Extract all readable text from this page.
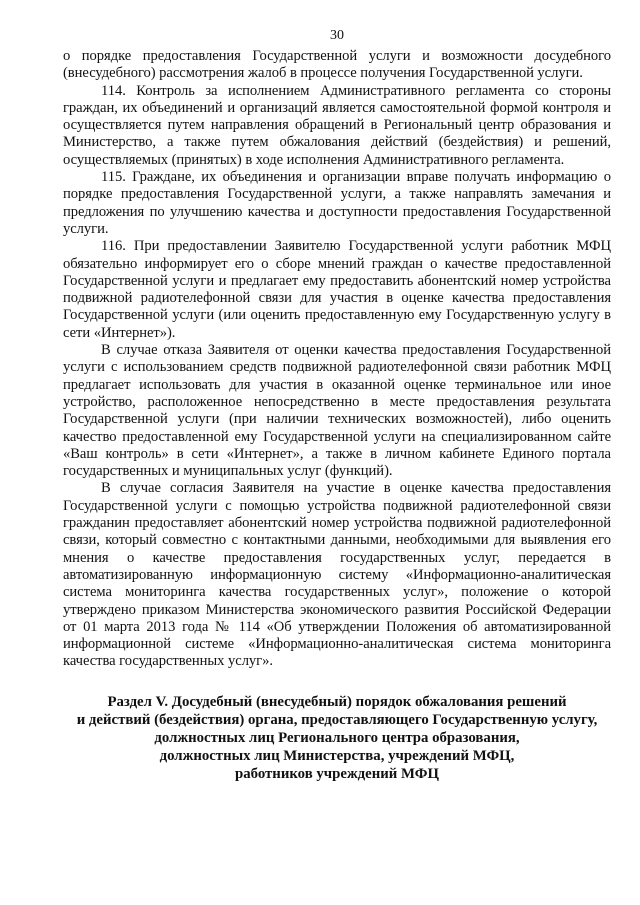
30

о порядке предоставления Государственной услуги и возможности досудебного (внесудебного) рассмотрения жалоб в процессе получения Государственной услуги.

114. Контроль за исполнением Административного регламента со стороны граждан, их объединений и организаций является самостоятельной формой контроля и осуществляется путем направления обращений в Региональный центр образования и Министерство, а также путем обжалования действий (бездействия) и решений, осуществляемых (принятых) в ходе исполнения Административного регламента.

115. Граждане, их объединения и организации вправе получать информацию о порядке предоставления Государственной услуги, а также направлять замечания и предложения по улучшению качества и доступности предоставления Государственной услуги.

116. При предоставлении Заявителю Государственной услуги работник МФЦ обязательно информирует его о сборе мнений граждан о качестве предоставленной Государственной услуги и предлагает ему предоставить абонентский номер устройства подвижной радиотелефонной связи для участия в оценке качества предоставления Государственной услуги (или оценить предоставленную ему Государственную услугу в сети «Интернет»).

В случае отказа Заявителя от оценки качества предоставления Государственной услуги с использованием средств подвижной радиотелефонной связи работник МФЦ предлагает использовать для участия в оказанной оценке терминальное или иное устройство, расположенное непосредственно в месте предоставления результата Государственной услуги (при наличии технических возможностей), либо оценить качество предоставленной ему Государственной услуги на специализированном сайте «Ваш контроль» в сети «Интернет», а также в личном кабинете Единого портала государственных и муниципальных услуг (функций).

В случае согласия Заявителя на участие в оценке качества предоставления Государственной услуги с помощью устройства подвижной радиотелефонной связи гражданин предоставляет абонентский номер устройства подвижной радиотелефонной связи, который совместно с контактными данными, необходимыми для выявления его мнения о качестве предоставления государственных услуг, передается в автоматизированную информационную систему «Информационно-аналитическая система мониторинга качества государственных услуг», положение о которой утверждено приказом Министерства экономического развития Российской Федерации от 01 марта 2013 года № 114 «Об утверждении Положения об автоматизированной информационной системе «Информационно-аналитическая система мониторинга качества государственных услуг».

Раздел V. Досудебный (внесудебный) порядок обжалования решений
и действий (бездействия) органа, предоставляющего Государственную услугу,
должностных лиц Регионального центра образования,
должностных лиц Министерства, учреждений МФЦ,
работников учреждений МФЦ
